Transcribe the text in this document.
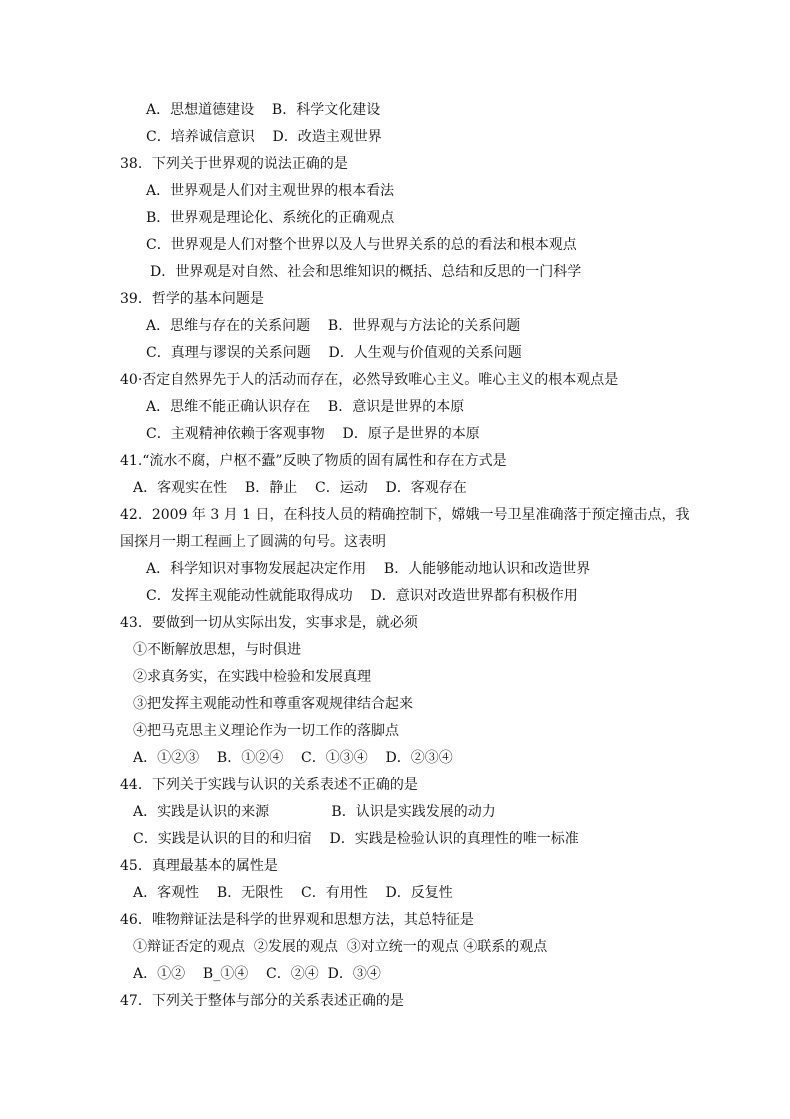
A．思想道德建设    B．科学文化建设
C．培养诚信意识    D．改造主观世界
38．下列关于世界观的说法正确的是
A．世界观是人们对主观世界的根本看法
B．世界观是理论化、系统化的正确观点
C．世界观是人们对整个世界以及人与世界关系的总的看法和根本观点
D．世界观是对自然、社会和思维知识的概括、总结和反思的一门科学
39．哲学的基本问题是
A．思维与存在的关系问题    B．世界观与方法论的关系问题
C．真理与谬误的关系问题    D．人生观与价值观的关系问题
40·否定自然界先于人的活动而存在，必然导致唯心主义。唯心主义的根本观点是
A．思维不能正确认识存在    B．意识是世界的本原
C．主观精神依赖于客观事物    D．原子是世界的本原
41.“流水不腐，户枢不蠹”反映了物质的固有属性和存在方式是
A．客观实在性    B．静止    C．运动    D．客观存在
42．2009 年 3 月 1 日，在科技人员的精确控制下，嫦娥一号卫星准确落于预定撞击点，我
国探月一期工程画上了圆满的句号。这表明
A．科学知识对事物发展起决定作用    B．人能够能动地认识和改造世界
C．发挥主观能动性就能取得成功    D．意识对改造世界都有积极作用
43．要做到一切从实际出发，实事求是，就必须
①不断解放思想，与时俱进
②求真务实，在实践中检验和发展真理
③把发挥主观能动性和尊重客观规律结合起来
④把马克思主义理论作为一切工作的落脚点
A．①②③    B．①②④    C．①③④    D．②③④
44．下列关于实践与认识的关系表述不正确的是
A．实践是认识的来源              B．认识是实践发展的动力
C．实践是认识的目的和归宿    D．实践是检验认识的真理性的唯一标准
45．真理最基本的属性是
A．客观性    B．无限性    C．有用性    D．反复性
46．唯物辩证法是科学的世界观和思想方法，其总特征是
①辩证否定的观点  ②发展的观点  ③对立统一的观点 ④联系的观点
A．①②    B_①④    C．②④  D．③④
47．下列关于整体与部分的关系表述正确的是
